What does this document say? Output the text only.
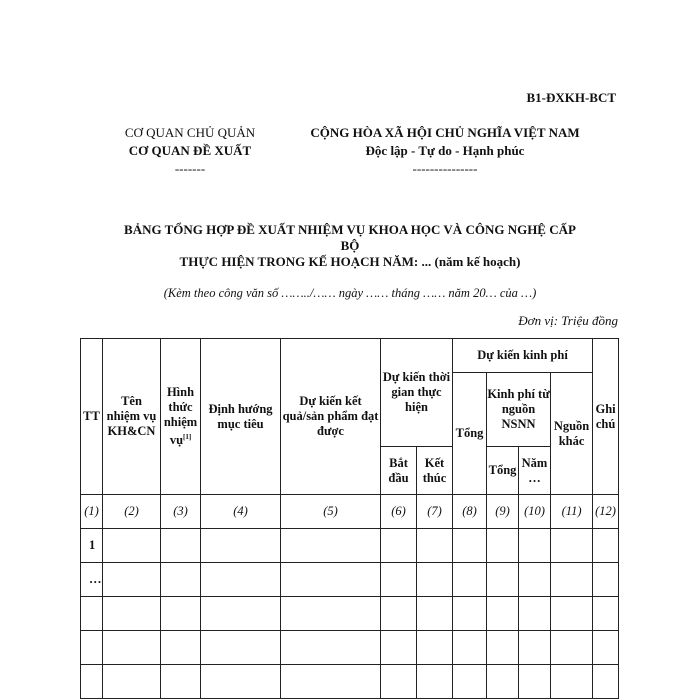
B1-ĐXKH-BCT
CƠ QUAN CHỦ QUẢN
CƠ QUAN ĐỀ XUẤT
-------
CỘNG HÒA XÃ HỘI CHỦ NGHĨA VIỆT NAM
Độc lập - Tự do - Hạnh phúc
---------------
BẢNG TỔNG HỢP ĐỀ XUẤT NHIỆM VỤ KHOA HỌC VÀ CÔNG NGHỆ CẤP
BỘ
THỰC HIỆN TRONG KẾ HOẠCH NĂM: ... (năm kế hoạch)
(Kèm theo công văn số ……../…… ngày …… tháng …… năm 20… của …)
Đơn vị: Triệu đồng
TT	Tên nhiệm vụ KH&CN	Hình thức nhiệm vụ[1]	Định hướng mục tiêu	Dự kiến kết quả/sản phẩm đạt được	Dự kiến thời gian thực hiện		Dự kiến kinh phí				Ghi chú
							Tổng	Kinh phí từ nguồn NSNN		Nguồn khác	
					Bắt đầu	Kết thúc		Tổng	Năm …		
(1)	(2)	(3)	(4)	(5)	(6)	(7)	(8)	(9)	(10)	(11)	(12)
1											
…											
